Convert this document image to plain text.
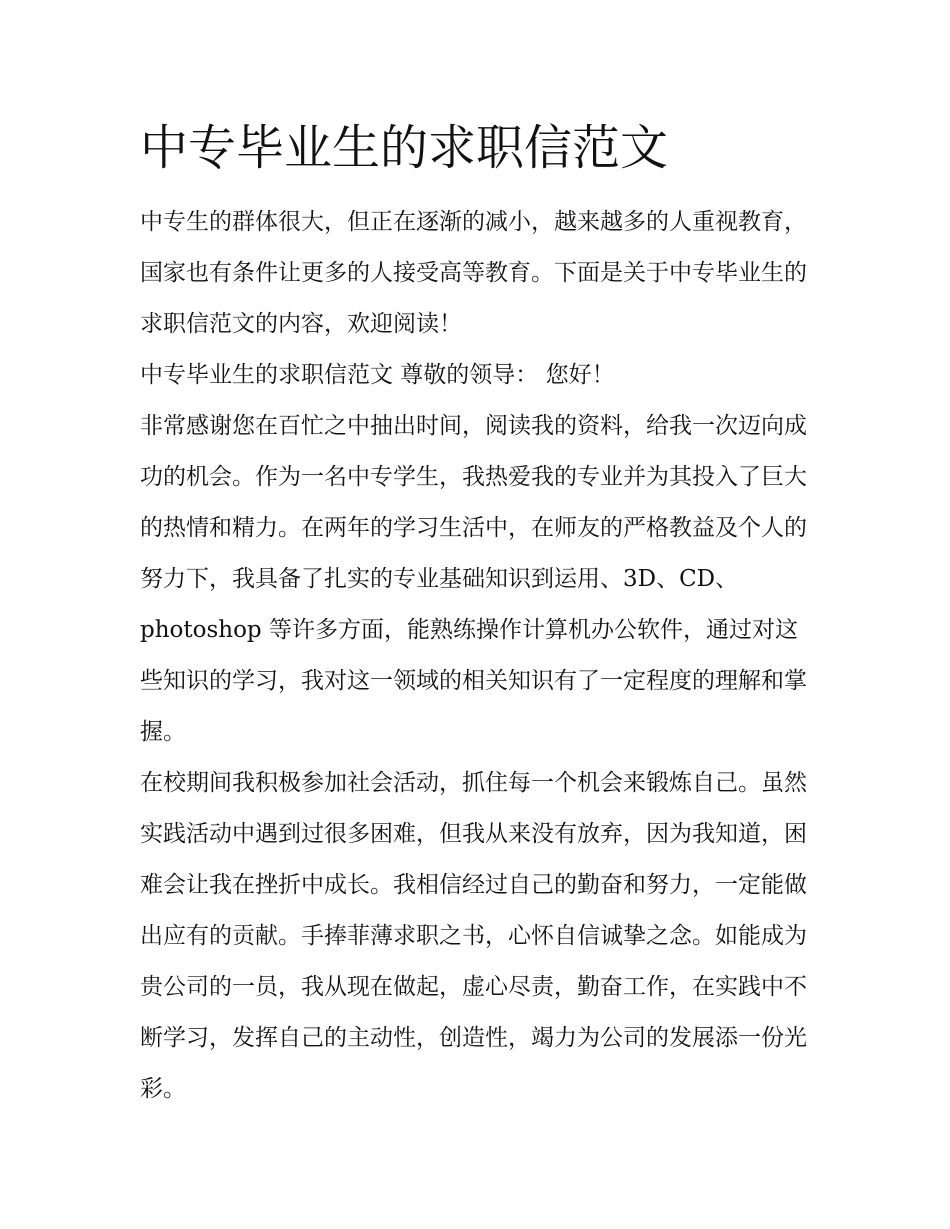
中专毕业生的求职信范文

中专生的群体很大，但正在逐渐的减小，越来越多的人重视教育，国家也有条件让更多的人接受高等教育。下面是关于中专毕业生的求职信范文的内容，欢迎阅读！

中专毕业生的求职信范文 尊敬的领导： 您好！

非常感谢您在百忙之中抽出时间，阅读我的资料，给我一次迈向成功的机会。作为一名中专学生，我热爱我的专业并为其投入了巨大的热情和精力。在两年的学习生活中，在师友的严格教益及个人的努力下，我具备了扎实的专业基础知识到运用、3D、CD、photoshop 等许多方面，能熟练操作计算机办公软件，通过对这些知识的学习，我对这一领域的相关知识有了一定程度的理解和掌握。

在校期间我积极参加社会活动，抓住每一个机会来锻炼自己。虽然实践活动中遇到过很多困难，但我从来没有放弃，因为我知道，困难会让我在挫折中成长。我相信经过自己的勤奋和努力，一定能做出应有的贡献。手捧菲薄求职之书，心怀自信诚挚之念。如能成为贵公司的一员，我从现在做起，虚心尽责，勤奋工作，在实践中不断学习，发挥自己的主动性，创造性，竭力为公司的发展添一份光彩。
